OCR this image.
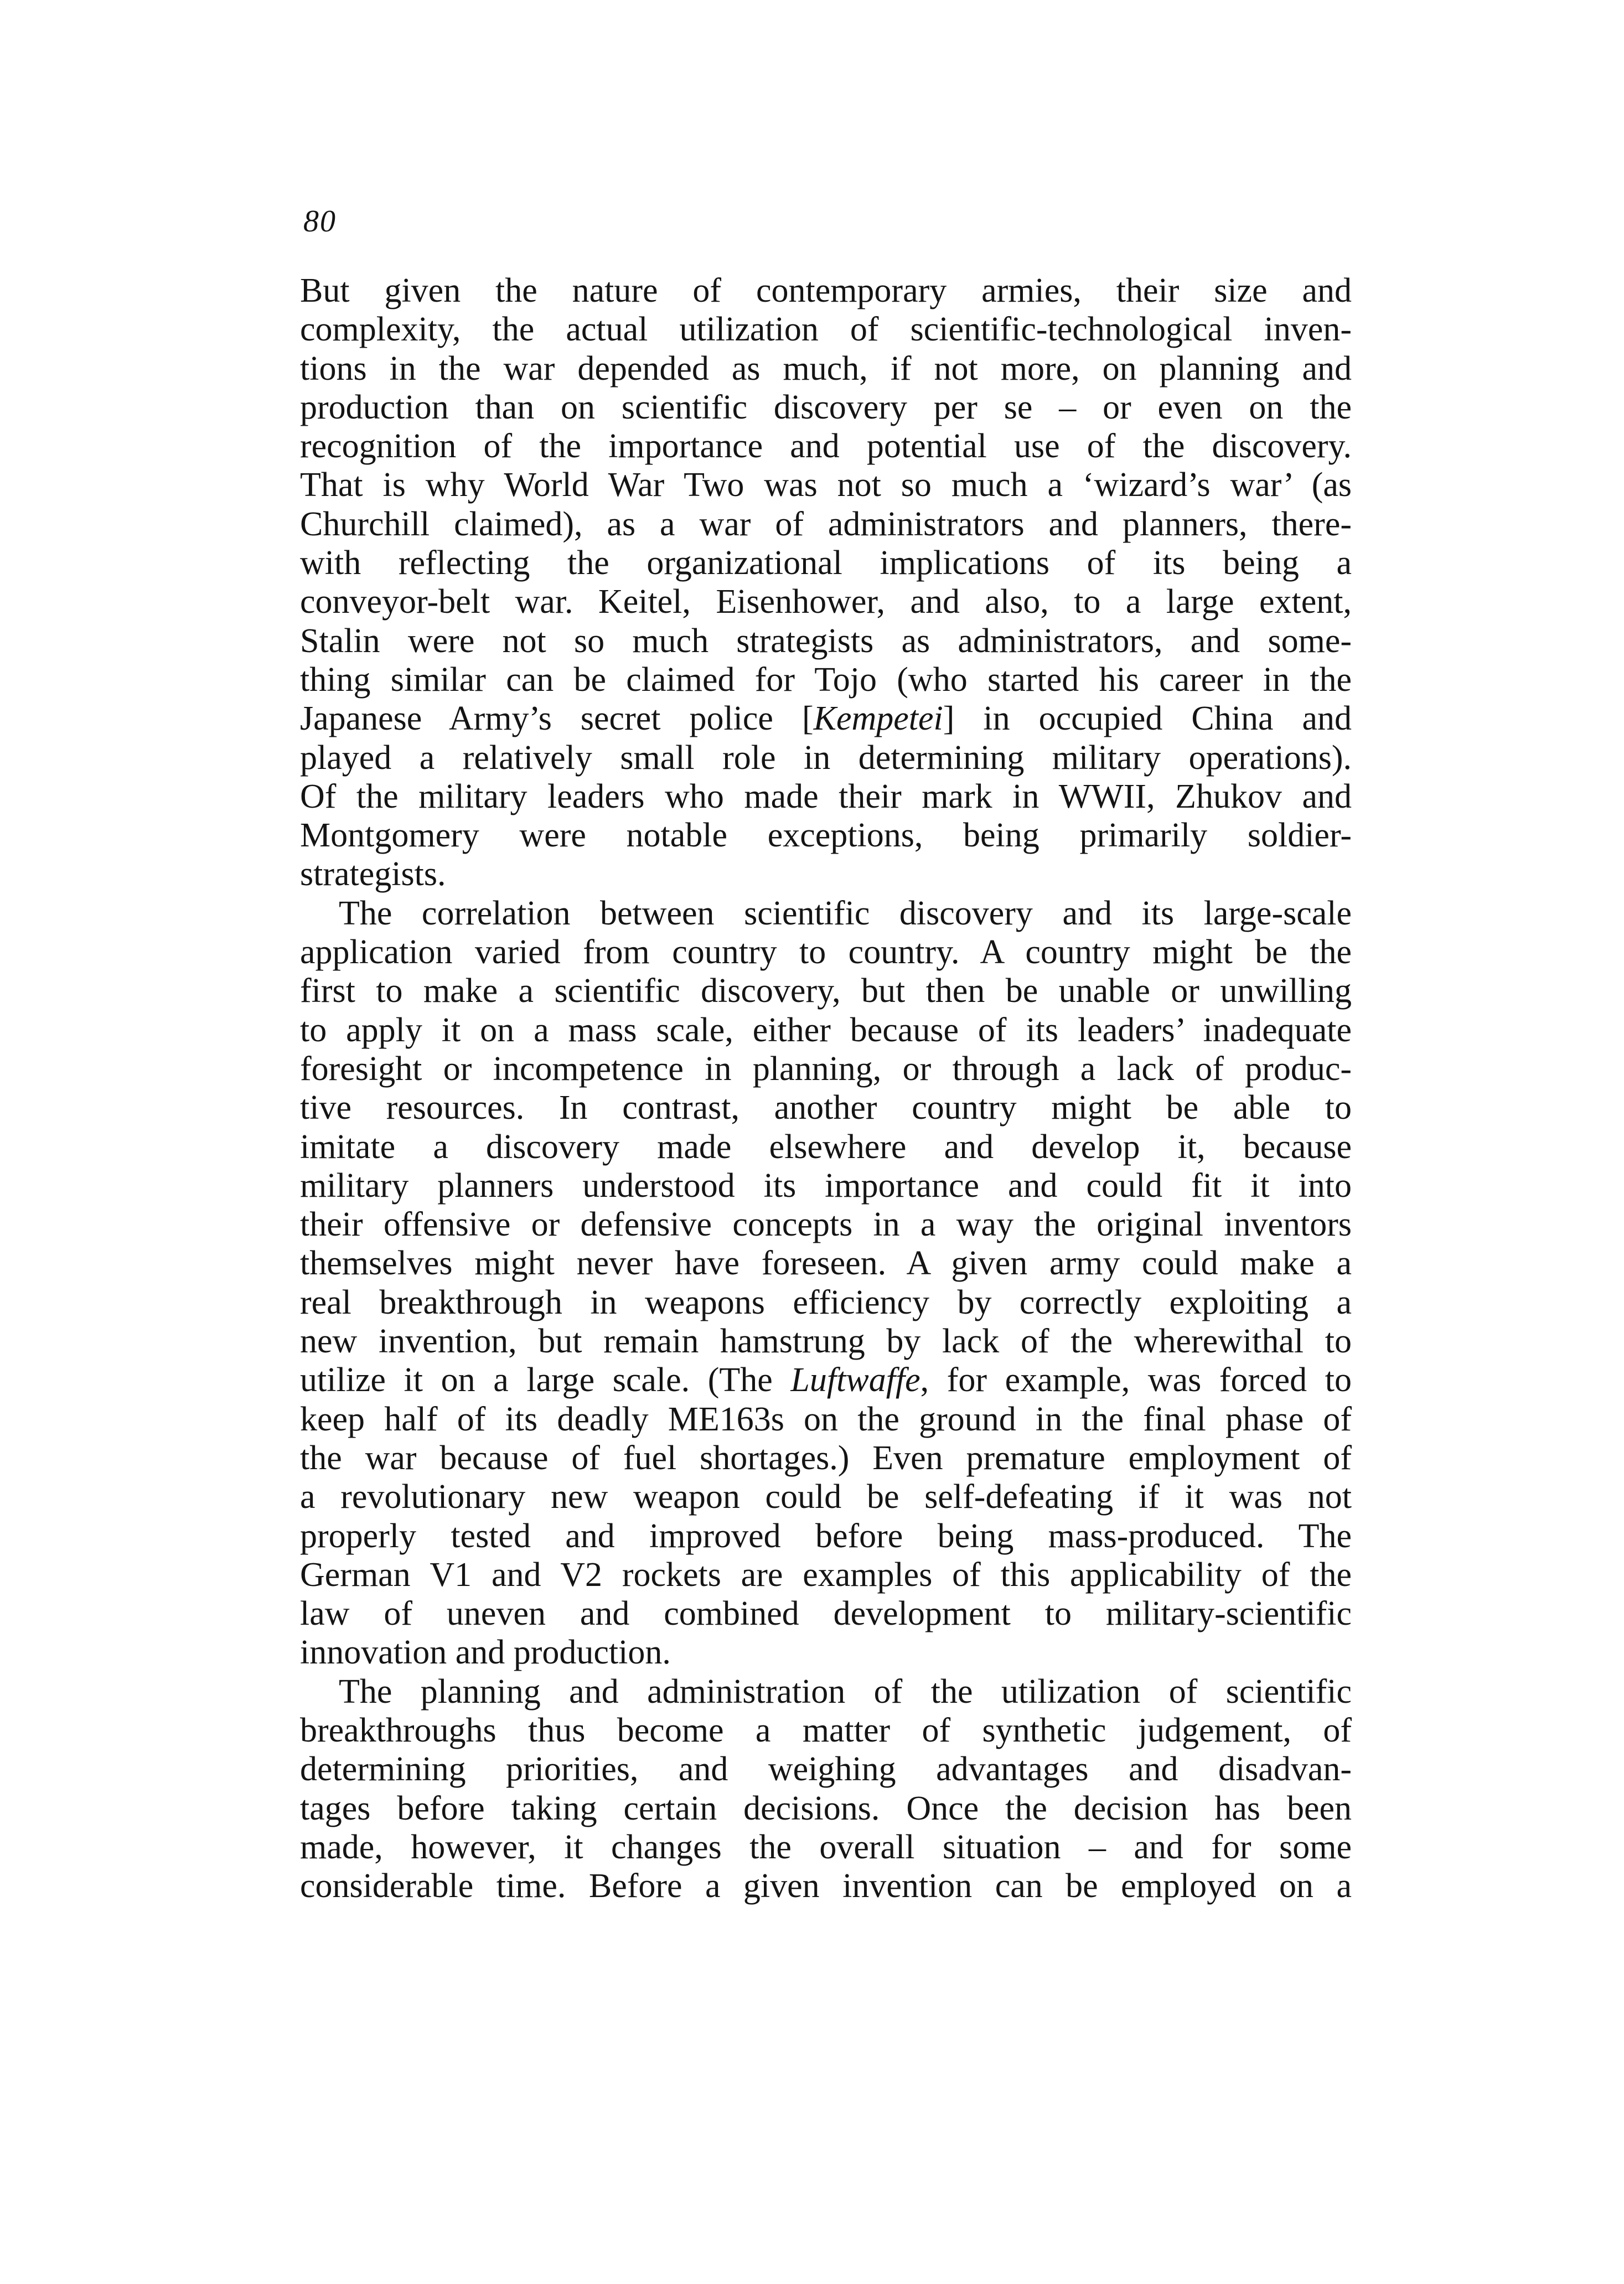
80
But given the nature of contemporary armies, their size and
complexity, the actual utilization of scientific-technological inven-
tions in the war depended as much, if not more, on planning and
production than on scientific discovery per se – or even on the
recognition of the importance and potential use of the discovery.
That is why World War Two was not so much a ‘wizard’s war’ (as
Churchill claimed), as a war of administrators and planners, there-
with reflecting the organizational implications of its being a
conveyor-belt war. Keitel, Eisenhower, and also, to a large extent,
Stalin were not so much strategists as administrators, and some-
thing similar can be claimed for Tojo (who started his career in the
Japanese Army’s secret police [Kempetei] in occupied China and
played a relatively small role in determining military operations).
Of the military leaders who made their mark in WWII, Zhukov and
Montgomery were notable exceptions, being primarily soldier-
strategists.
The correlation between scientific discovery and its large-scale
application varied from country to country. A country might be the
first to make a scientific discovery, but then be unable or unwilling
to apply it on a mass scale, either because of its leaders’ inadequate
foresight or incompetence in planning, or through a lack of produc-
tive resources. In contrast, another country might be able to
imitate a discovery made elsewhere and develop it, because
military planners understood its importance and could fit it into
their offensive or defensive concepts in a way the original inventors
themselves might never have foreseen. A given army could make a
real breakthrough in weapons efficiency by correctly exploiting a
new invention, but remain hamstrung by lack of the wherewithal to
utilize it on a large scale. (The Luftwaffe, for example, was forced to
keep half of its deadly ME163s on the ground in the final phase of
the war because of fuel shortages.) Even premature employment of
a revolutionary new weapon could be self-defeating if it was not
properly tested and improved before being mass-produced. The
German V1 and V2 rockets are examples of this applicability of the
law of uneven and combined development to military-scientific
innovation and production.
The planning and administration of the utilization of scientific
breakthroughs thus become a matter of synthetic judgement, of
determining priorities, and weighing advantages and disadvan-
tages before taking certain decisions. Once the decision has been
made, however, it changes the overall situation – and for some
considerable time. Before a given invention can be employed on a
